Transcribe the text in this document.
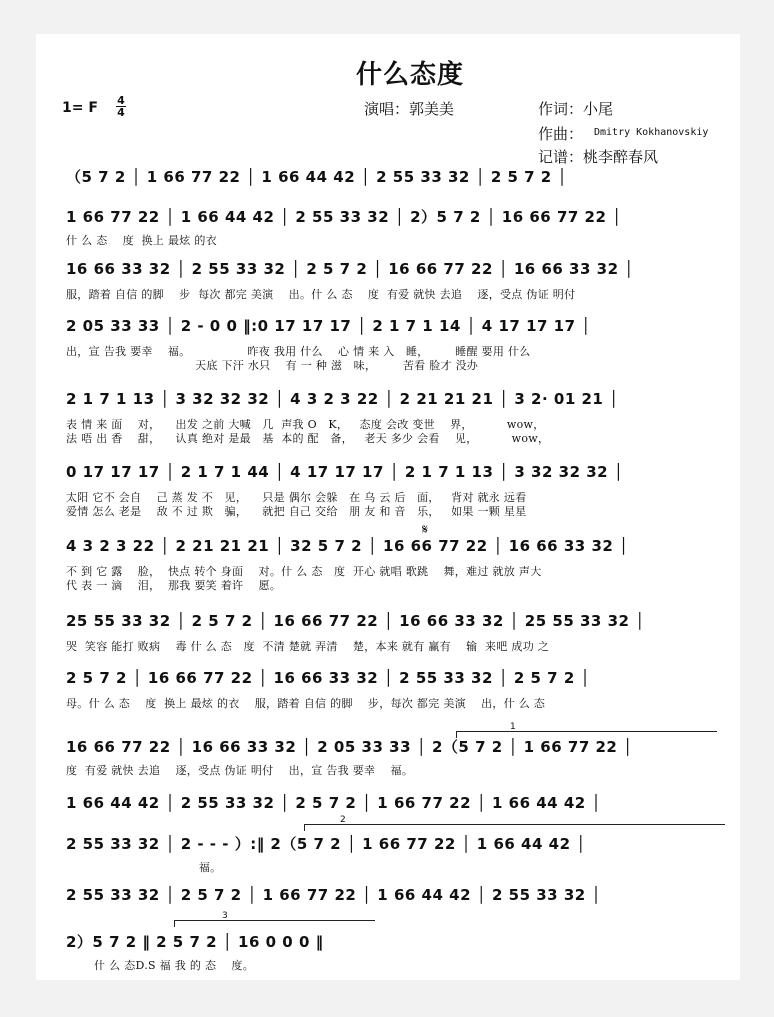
什么态度
1= F 4
4	演唱：郭美美	作词：小尾
作曲： Dmitry Kokhanovskiy
记谱：桃李醉春风
（5 7 2 │ 1 66 77 22 │ 1 66 44 42 │ 2 55 33 32 │ 2 5 7 2 │
1 66 77 22 │ 1 66 44 42 │ 2 55 33 32 │ 2）5 7 2 │ 16 66 77 22 │
什 么 态    度  换上 最炫 的衣
16 66 33 32 │ 2 55 33 32 │ 2 5 7 2 │ 16 66 77 22 │ 16 66 33 32 │
服，踏着 自信 的脚    步  每次 都完 美演    出。什 么 态    度  有爱 就快 去追    逐，受点 伪证 明付
2 05 33 33 │ 2 - 0 0 ‖:0 17 17 17 │ 2 1 7 1 14 │ 4 17 17 17 │
出，宣 告我 要幸    福。               昨夜 我用 什么    心 情 来 入   睡，       睡醒 要用 什么
天底 下汗 水只    有 一 种 滋   味，       苦看 脸才 没办
2 1 7 1 13 │ 3 32 32 32 │ 4 3 2 3 22 │ 2 21 21 21 │ 3 2· 01 21 │
表 情 来 面    对，    出发 之前 大喊   几  声我 O   K，   态度 会改 变世    界，         wow，
法 唔 出 香    甜，    认真 绝对 是最   基  本的 配   备，   老天 多少 会看    见，         wow，
0 17 17 17 │ 2 1 7 1 44 │ 4 17 17 17 │ 2 1 7 1 13 │ 3 32 32 32 │
太阳 它不 会自    己 蒸 发 不   见，    只是 偶尔 会躲   在 乌 云 后   面，   背对 就永 远看
爱情 怎么 老是    敌 不 过 欺   骗，    就把 自己 交给   朋 友 和 音   乐，   如果 一颗 星星
4 3 2 3 22 │ 2 21 21 21 │ 32 5 7 2 │ 16 66 77 22 │ 16 66 33 32 │
不 到 它 露    脸，  快点 转个 身面    对。什 么 态   度  开心 就唱 歌跳    舞，难过 就放 声大
代 表 一 滴    泪，  那我 要笑 着许    愿。
25 55 33 32 │ 2 5 7 2 │ 16 66 77 22 │ 16 66 33 32 │ 25 55 33 32 │
哭  笑容 能打 败病    毒 什 么 态   度  不清 楚就 弄清    楚，本来 就有 赢有    输  来吧 成功 之
2 5 7 2 │ 16 66 77 22 │ 16 66 33 32 │ 2 55 33 32 │ 2 5 7 2 │
母。什 么 态    度  换上 最炫 的衣    服，踏着 自信 的脚    步，每次 都完 美演    出，什 么 态
16 66 77 22 │ 16 66 33 32 │ 2 05 33 33 │ 2（5 7 2 │ 1 66 77 22 │
度  有爱 就快 去追    逐，受点 伪证 明付    出，宣 告我 要幸    福。
1 66 44 42 │ 2 55 33 32 │ 2 5 7 2 │ 1 66 77 22 │ 1 66 44 42 │
2 55 33 32 │ 2 - - - ）:‖ 2（5 7 2 │ 1 66 77 22 │ 1 66 44 42 │
福。
2 55 33 32 │ 2 5 7 2 │ 1 66 77 22 │ 1 66 44 42 │ 2 55 33 32 │
2）5 7 2 ‖ 2 5 7 2 │ 16 0 0 0 ‖
什 么 态D.S 福 我 的 态    度。
1
2
3
𝄋
